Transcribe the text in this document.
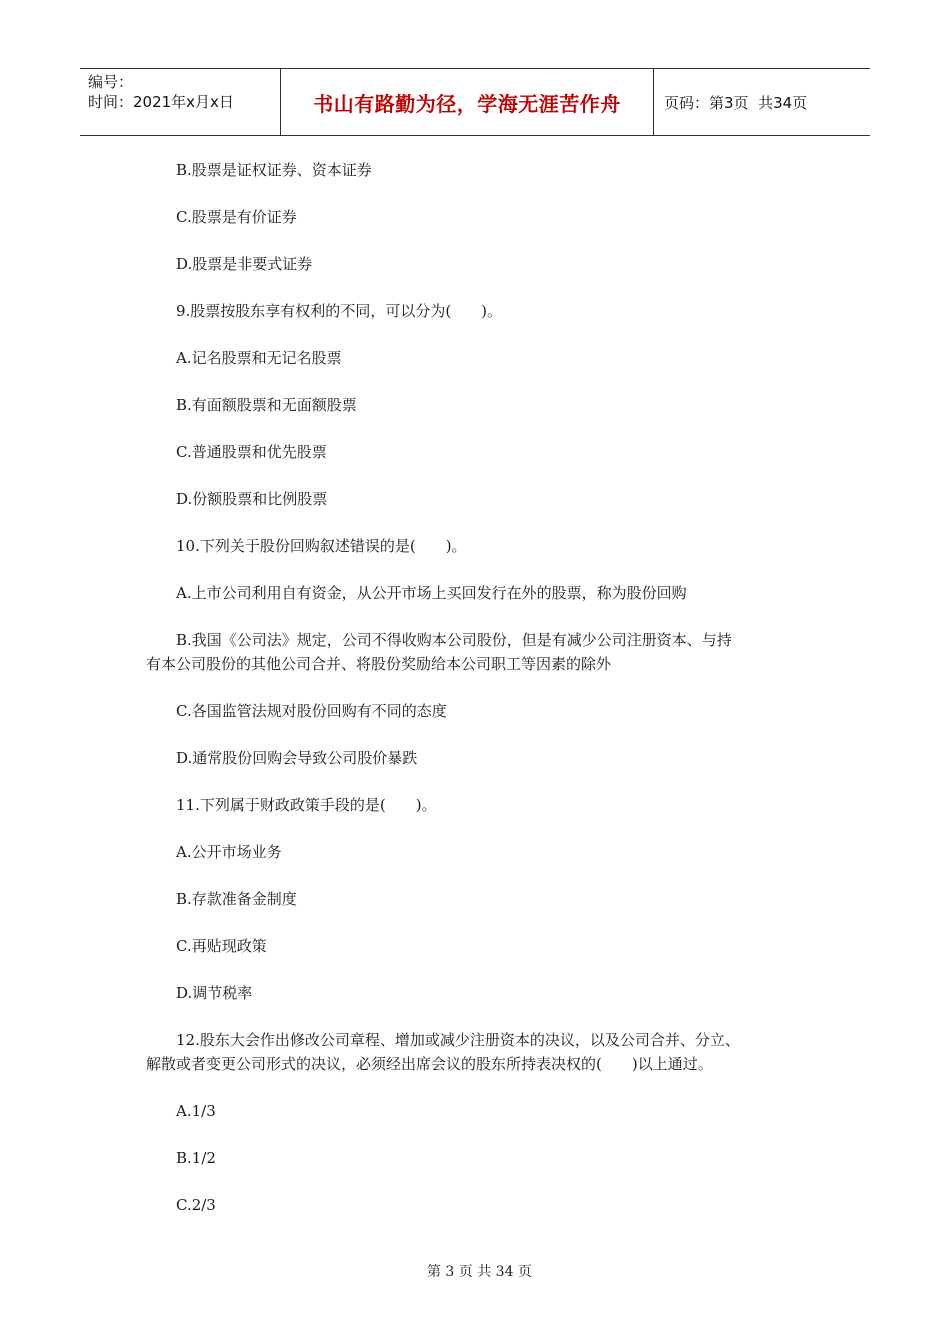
编号：
时间：2021年x月x日	书山有路勤为径，学海无涯苦作舟	页码：第3页  共34页
B.股票是证权证券、资本证券
C.股票是有价证券
D.股票是非要式证券
9.股票按股东享有权利的不同，可以分为(　　)。
A.记名股票和无记名股票
B.有面额股票和无面额股票
C.普通股票和优先股票
D.份额股票和比例股票
10.下列关于股份回购叙述错误的是(　　)。
A.上市公司利用自有资金，从公开市场上买回发行在外的股票，称为股份回购
B.我国《公司法》规定，公司不得收购本公司股份，但是有减少公司注册资本、与持
有本公司股份的其他公司合并、将股份奖励给本公司职工等因素的除外
C.各国监管法规对股份回购有不同的态度
D.通常股份回购会导致公司股价暴跌
11.下列属于财政政策手段的是(　　)。
A.公开市场业务
B.存款准备金制度
C.再贴现政策
D.调节税率
12.股东大会作出修改公司章程、增加或减少注册资本的决议，以及公司合并、分立、
解散或者变更公司形式的决议，必须经出席会议的股东所持表决权的(　　)以上通过。
A.1/3
B.1/2
C.2/3

第 3 页 共 34 页
